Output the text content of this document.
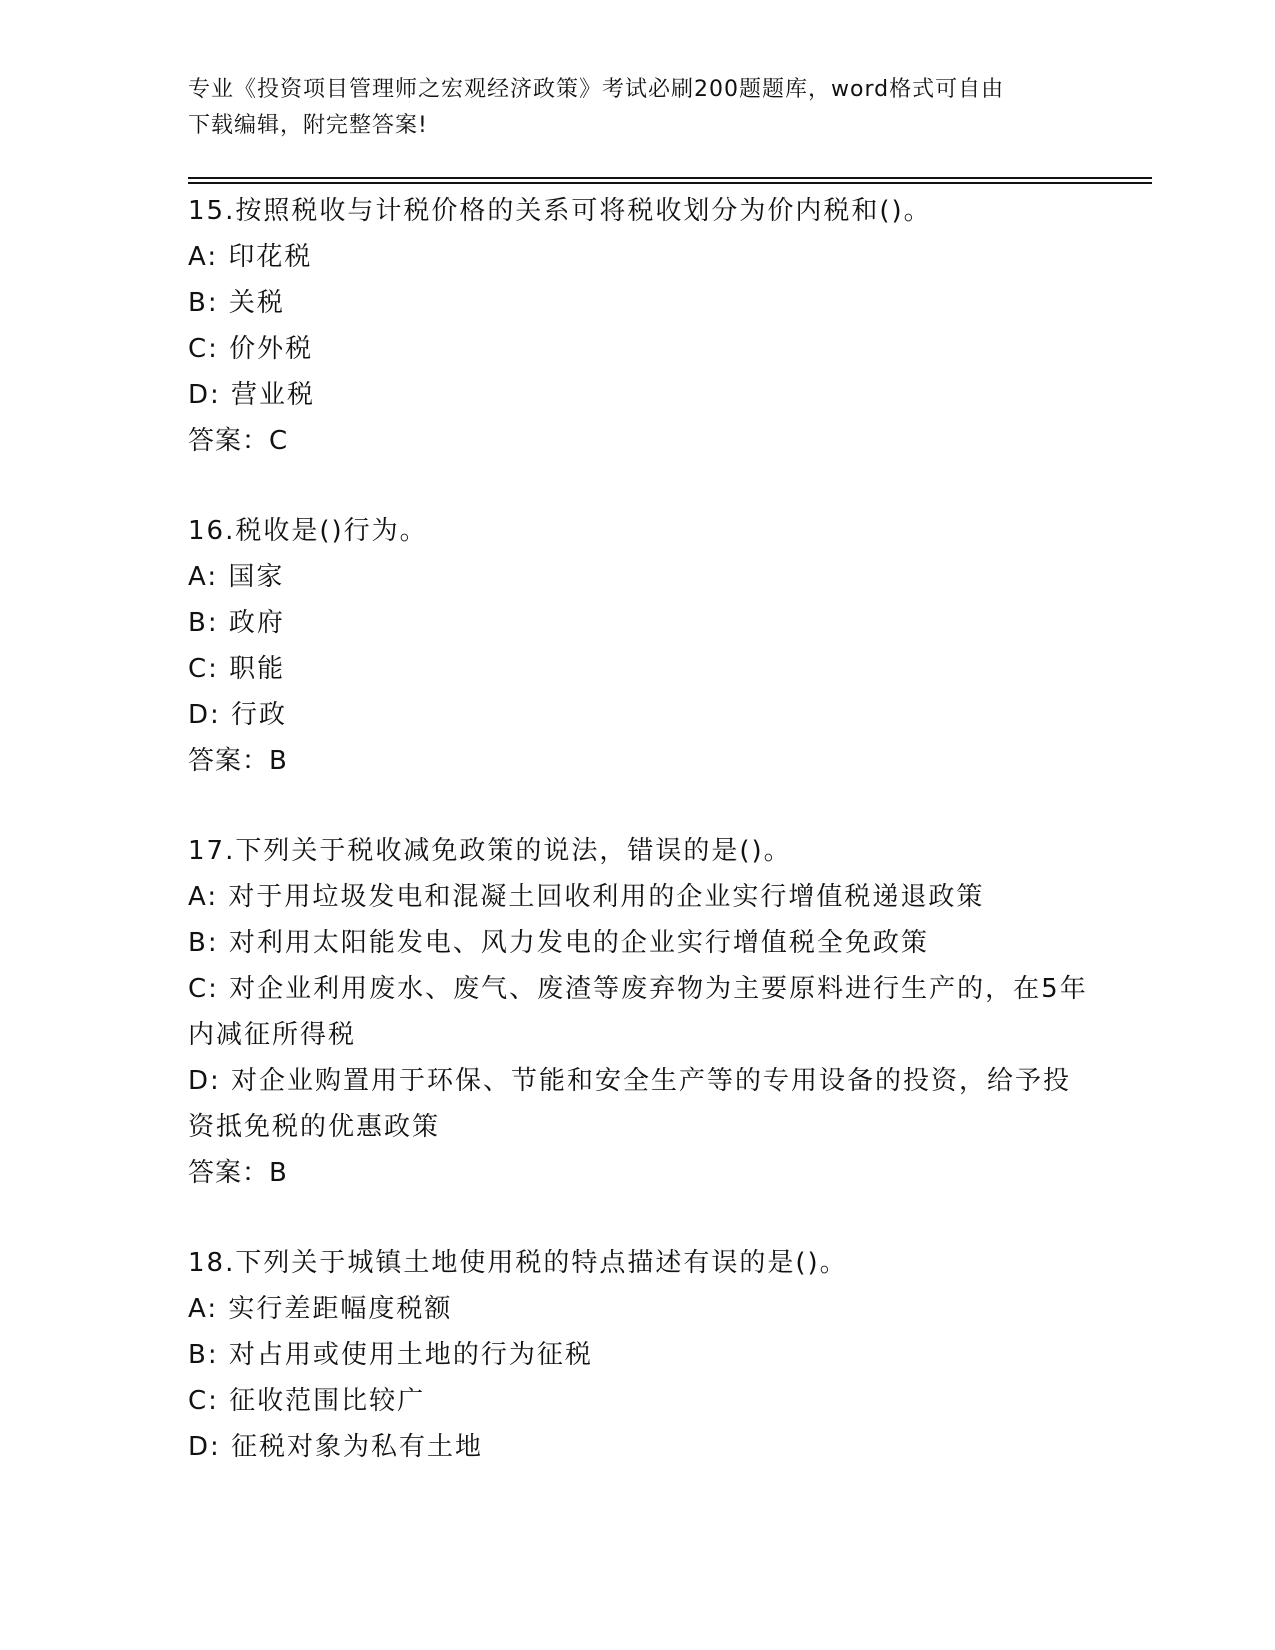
专业《投资项目管理师之宏观经济政策》考试必刷200题题库，word格式可自由
下载编辑，附完整答案!
15.按照税收与计税价格的关系可将税收划分为价内税和()。
A: 印花税
B: 关税
C: 价外税
D: 营业税
答案：C
16.税收是()行为。
A: 国家
B: 政府
C: 职能
D: 行政
答案：B
17.下列关于税收减免政策的说法，错误的是()。
A: 对于用垃圾发电和混凝土回收利用的企业实行增值税递退政策
B: 对利用太阳能发电、风力发电的企业实行增值税全免政策
C: 对企业利用废水、废气、废渣等废弃物为主要原料进行生产的，在5年内减征所得税
D: 对企业购置用于环保、节能和安全生产等的专用设备的投资，给予投资抵免税的优惠政策
答案：B
18.下列关于城镇土地使用税的特点描述有误的是()。
A: 实行差距幅度税额
B: 对占用或使用土地的行为征税
C: 征收范围比较广
D: 征税对象为私有土地
